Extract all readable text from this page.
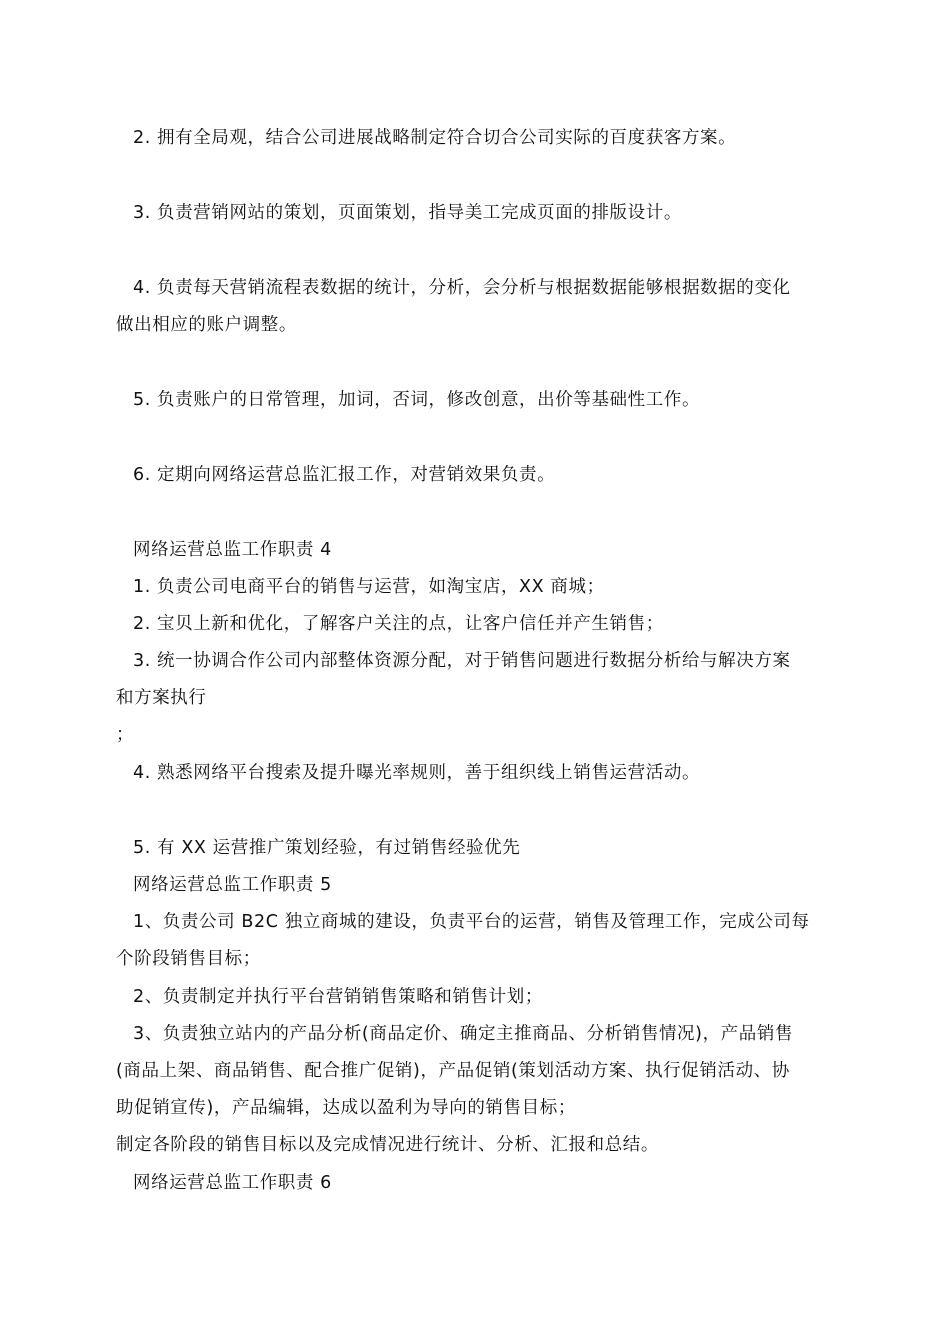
2. 拥有全局观，结合公司进展战略制定符合切合公司实际的百度获客方案。
3. 负责营销网站的策划，页面策划，指导美工完成页面的排版设计。
4. 负责每天营销流程表数据的统计，分析，会分析与根据数据能够根据数据的变化
做出相应的账户调整。
5. 负责账户的日常管理，加词，否词，修改创意，出价等基础性工作。
6. 定期向网络运营总监汇报工作，对营销效果负责。
网络运营总监工作职责 4
1. 负责公司电商平台的销售与运营，如淘宝店，XX 商城；
2. 宝贝上新和优化，了解客户关注的点，让客户信任并产生销售；
3. 统一协调合作公司内部整体资源分配，对于销售问题进行数据分析给与解决方案
和方案执行
；
4. 熟悉网络平台搜索及提升曝光率规则，善于组织线上销售运营活动。
5. 有 XX 运营推广策划经验，有过销售经验优先
网络运营总监工作职责 5
1、负责公司 B2C 独立商城的建设，负责平台的运营，销售及管理工作，完成公司每
个阶段销售目标；
2、负责制定并执行平台营销销售策略和销售计划；
3、负责独立站内的产品分析(商品定价、确定主推商品、分析销售情况)，产品销售
(商品上架、商品销售、配合推广促销)，产品促销(策划活动方案、执行促销活动、协
助促销宣传)，产品编辑，达成以盈利为导向的销售目标；
制定各阶段的销售目标以及完成情况进行统计、分析、汇报和总结。
网络运营总监工作职责 6
